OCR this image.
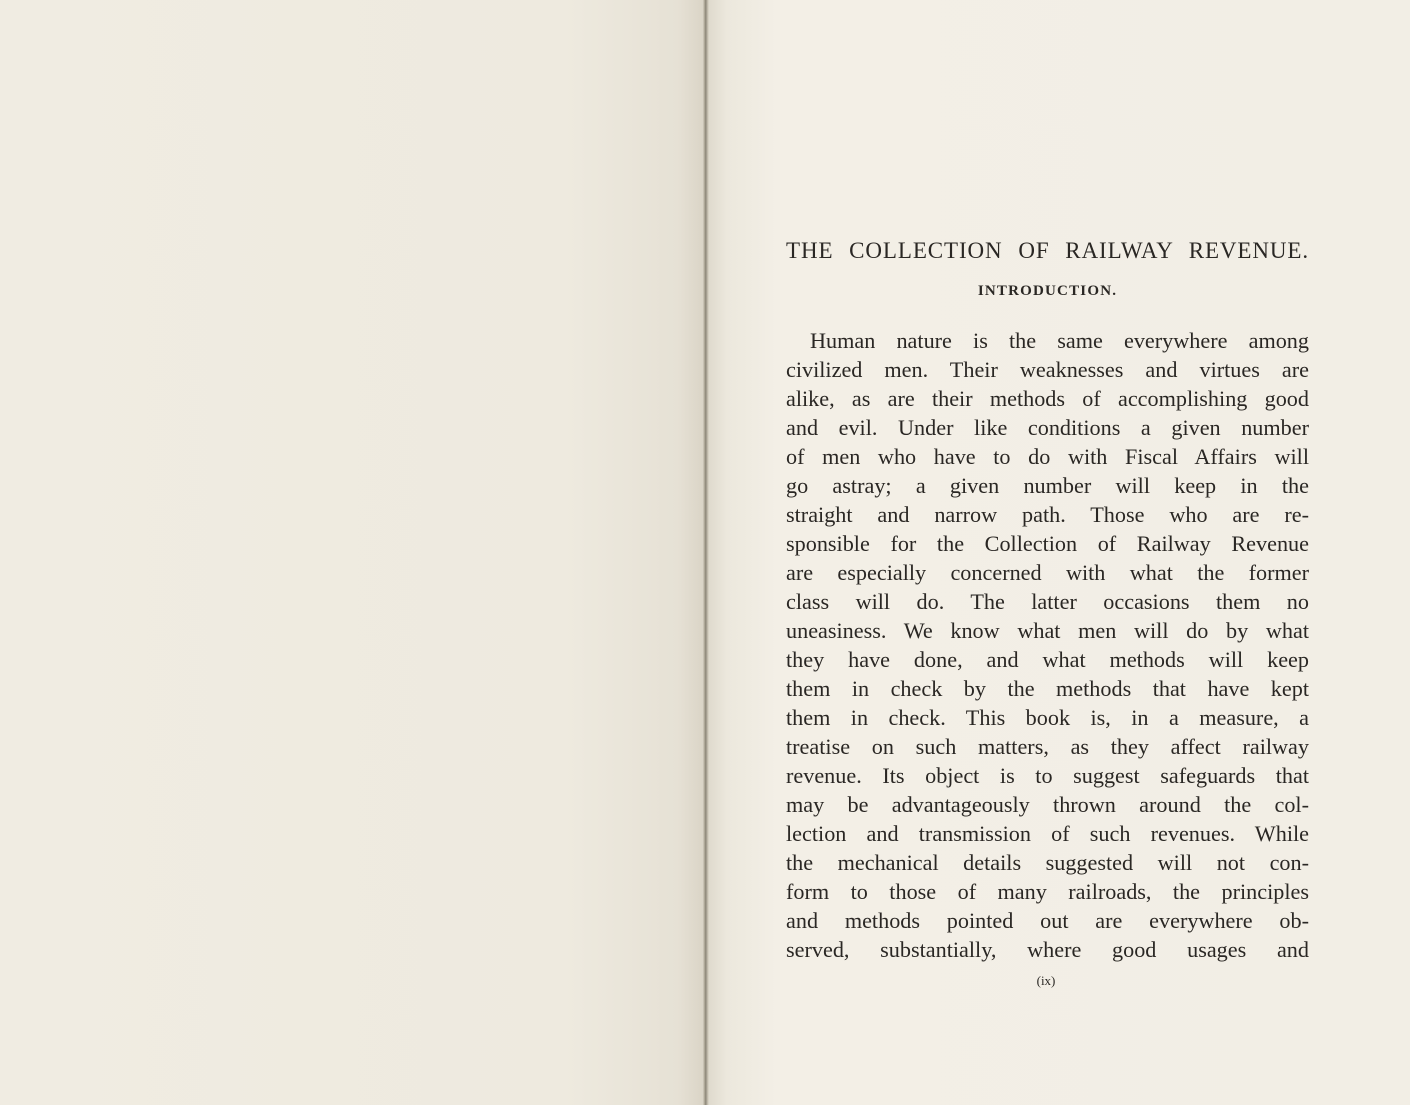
THE COLLECTION OF RAILWAY REVENUE.
INTRODUCTION.
Human nature is the same everywhere among
civilized men. Their weaknesses and virtues are
alike, as are their methods of accomplishing good
and evil. Under like conditions a given number
of men who have to do with Fiscal Affairs will
go astray; a given number will keep in the
straight and narrow path. Those who are re-
sponsible for the Collection of Railway Revenue
are especially concerned with what the former
class will do. The latter occasions them no
uneasiness. We know what men will do by what
they have done, and what methods will keep
them in check by the methods that have kept
them in check. This book is, in a measure, a
treatise on such matters, as they affect railway
revenue. Its object is to suggest safeguards that
may be advantageously thrown around the col-
lection and transmission of such revenues. While
the mechanical details suggested will not con-
form to those of many railroads, the principles
and methods pointed out are everywhere ob-
served, substantially, where good usages and
(ix)
